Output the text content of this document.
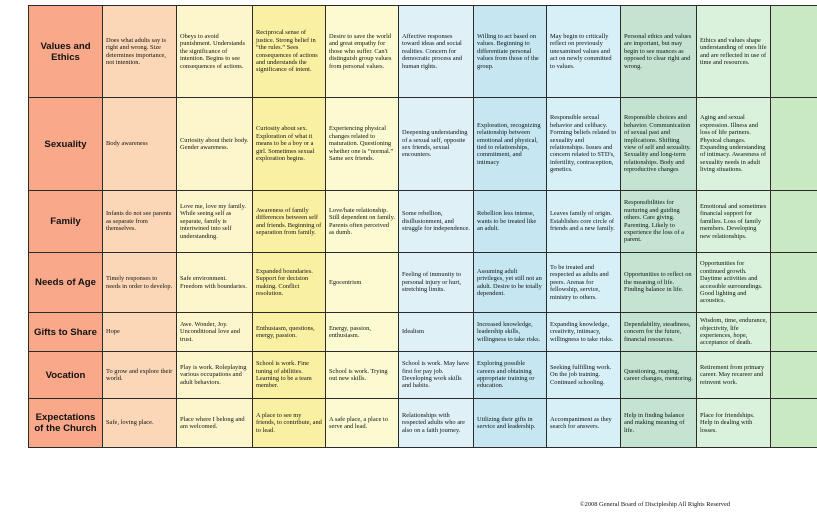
Values and Ethics	Does what adults say is right and wrong. Size determines importance, not intention.	Obeys to avoid punishment. Understands the significance of intention. Begins to see consequences of actions.	Reciprocal sense of justice. Strong belief in “the rules.” Sees consequences of actions and understands the significance of intent.	Desire to save the world and great empathy for those who suffer. Can't distinguish group values from personal values.	Affective responses toward ideas and social realities. Concern for democratic process and human rights.	Willing to act based on values. Beginning to differentiate personal values from those of the group.	May begin to critically reflect on previously unexamined values and act on newly committed to values.	Personal ethics and values are important, but may begin to see nuances as opposed to clear right and wrong.	Ethics and values shape understanding of ones life and are reflected in use of time and resources.	
Sexuality	Body awareness	Curiosity about their body. Gender awareness.	Curiosity about sex. Exploration of what it means to be a boy or a girl. Sometimes sexual exploration begins.	Experiencing physical changes related to maturation. Questioning whether one is “normal.” Same sex friends.	Deepening understanding of a sexual self, opposite sex friends, sexual encounters.	Exploration, recognizing relationship between emotional and physical, tied to relationships, commitment, and intimacy	Responsible sexual behavior and celibacy. Forming beliefs related to sexuality and relationships. Issues and concern related to STD's, infertility, contraception, genetics.	Responsible choices and behavior. Communication of sexual past and implications. Shifting view of self and sexuality. Sexuality and long-term relationships. Body and reproductive changes	Aging and sexual expression. Illness and loss of life partners. Physical changes. Expanding understanding of intimacy. Awareness of sexuality needs in adult living situations.	
Family	Infants do not see parents as separate from themselves.	Love me, love my family. While seeing self as separate, family is intertwined into self understanding.	Awareness of family differences between self and friends. Beginning of separation from family.	Love/hate relationship. Still dependent on family. Parents often perceived as dumb.	Some rebellion, disillusionment, and struggle for independence.	Rebellion less intense, wants to be treated like an adult.	Leaves family of origin. Establishes core circle of friends and a new family.	Responsibilities for nurturing and guiding others. Care giving. Parenting. Likely to experience the loss of a parent.	Emotional and sometimes financial support for families. Loss of family members. Developing new relationships.	
Needs of Age	Timely responses to needs in order to develop.	Safe environment. Freedom with boundaries.	Expanded boundaries. Support for decision making. Conflict resolution.	Egocentrism	Feeling of immunity to personal injury or hurt, stretching limits.	Assuming adult privileges, yet still not an adult. Desire to be totally dependent.	To be treated and respected as adults and peers. Arenas for fellowship, service, ministry to others.	Opportunities to reflect on the meaning of life. Finding balance in life.	Opportunities for continued growth. Daytime activities and accessible surroundings. Good lighting and acoustics.	
Gifts to Share	Hope	Awe. Wonder, Joy. Unconditional love and trust.	Enthusiasm, questions, energy, passion.	Energy, passion, enthusiasm.	Idealism	Increased knowledge, leadership skills, willingness to take risks.	Expanding knowledge, creativity, intimacy, willingness to take risks.	Dependability, steadiness, concern for the future, financial resources.	Wisdom, time, endurance, objectivity, life experiences, hope, acceptance of death.	
Vocation	To grow and explore their world.	Play is work. Roleplaying various occupations and adult behaviors.	School is work. Fine tuning of abilities. Learning to be a team member.	School is work. Trying out new skills.	School is work. May have first for pay job. Developing work skills and habits.	Exploring possible careers and obtaining appropriate training or education.	Seeking fulfilling work. On the job training. Continued schooling.	Questioning, reaping, career changes, mentoring.	Retirement from primary career. May recareer and reinvent work.	
Expectations of the Church	Safe, loving place.	Place where I belong and am welcomed.	A place to see my friends, to contribute, and to lead.	A safe place, a place to serve and lead.	Relationships with respected adults who are also on a faith journey.	Utilizing their gifts in service and leadership.	Accompaniment as they search for answers.	Help in finding balance and making meaning of life.	Place for friendships. Help in dealing with losses.	
©2008 General Board of Discipleship All Rights Reserved
